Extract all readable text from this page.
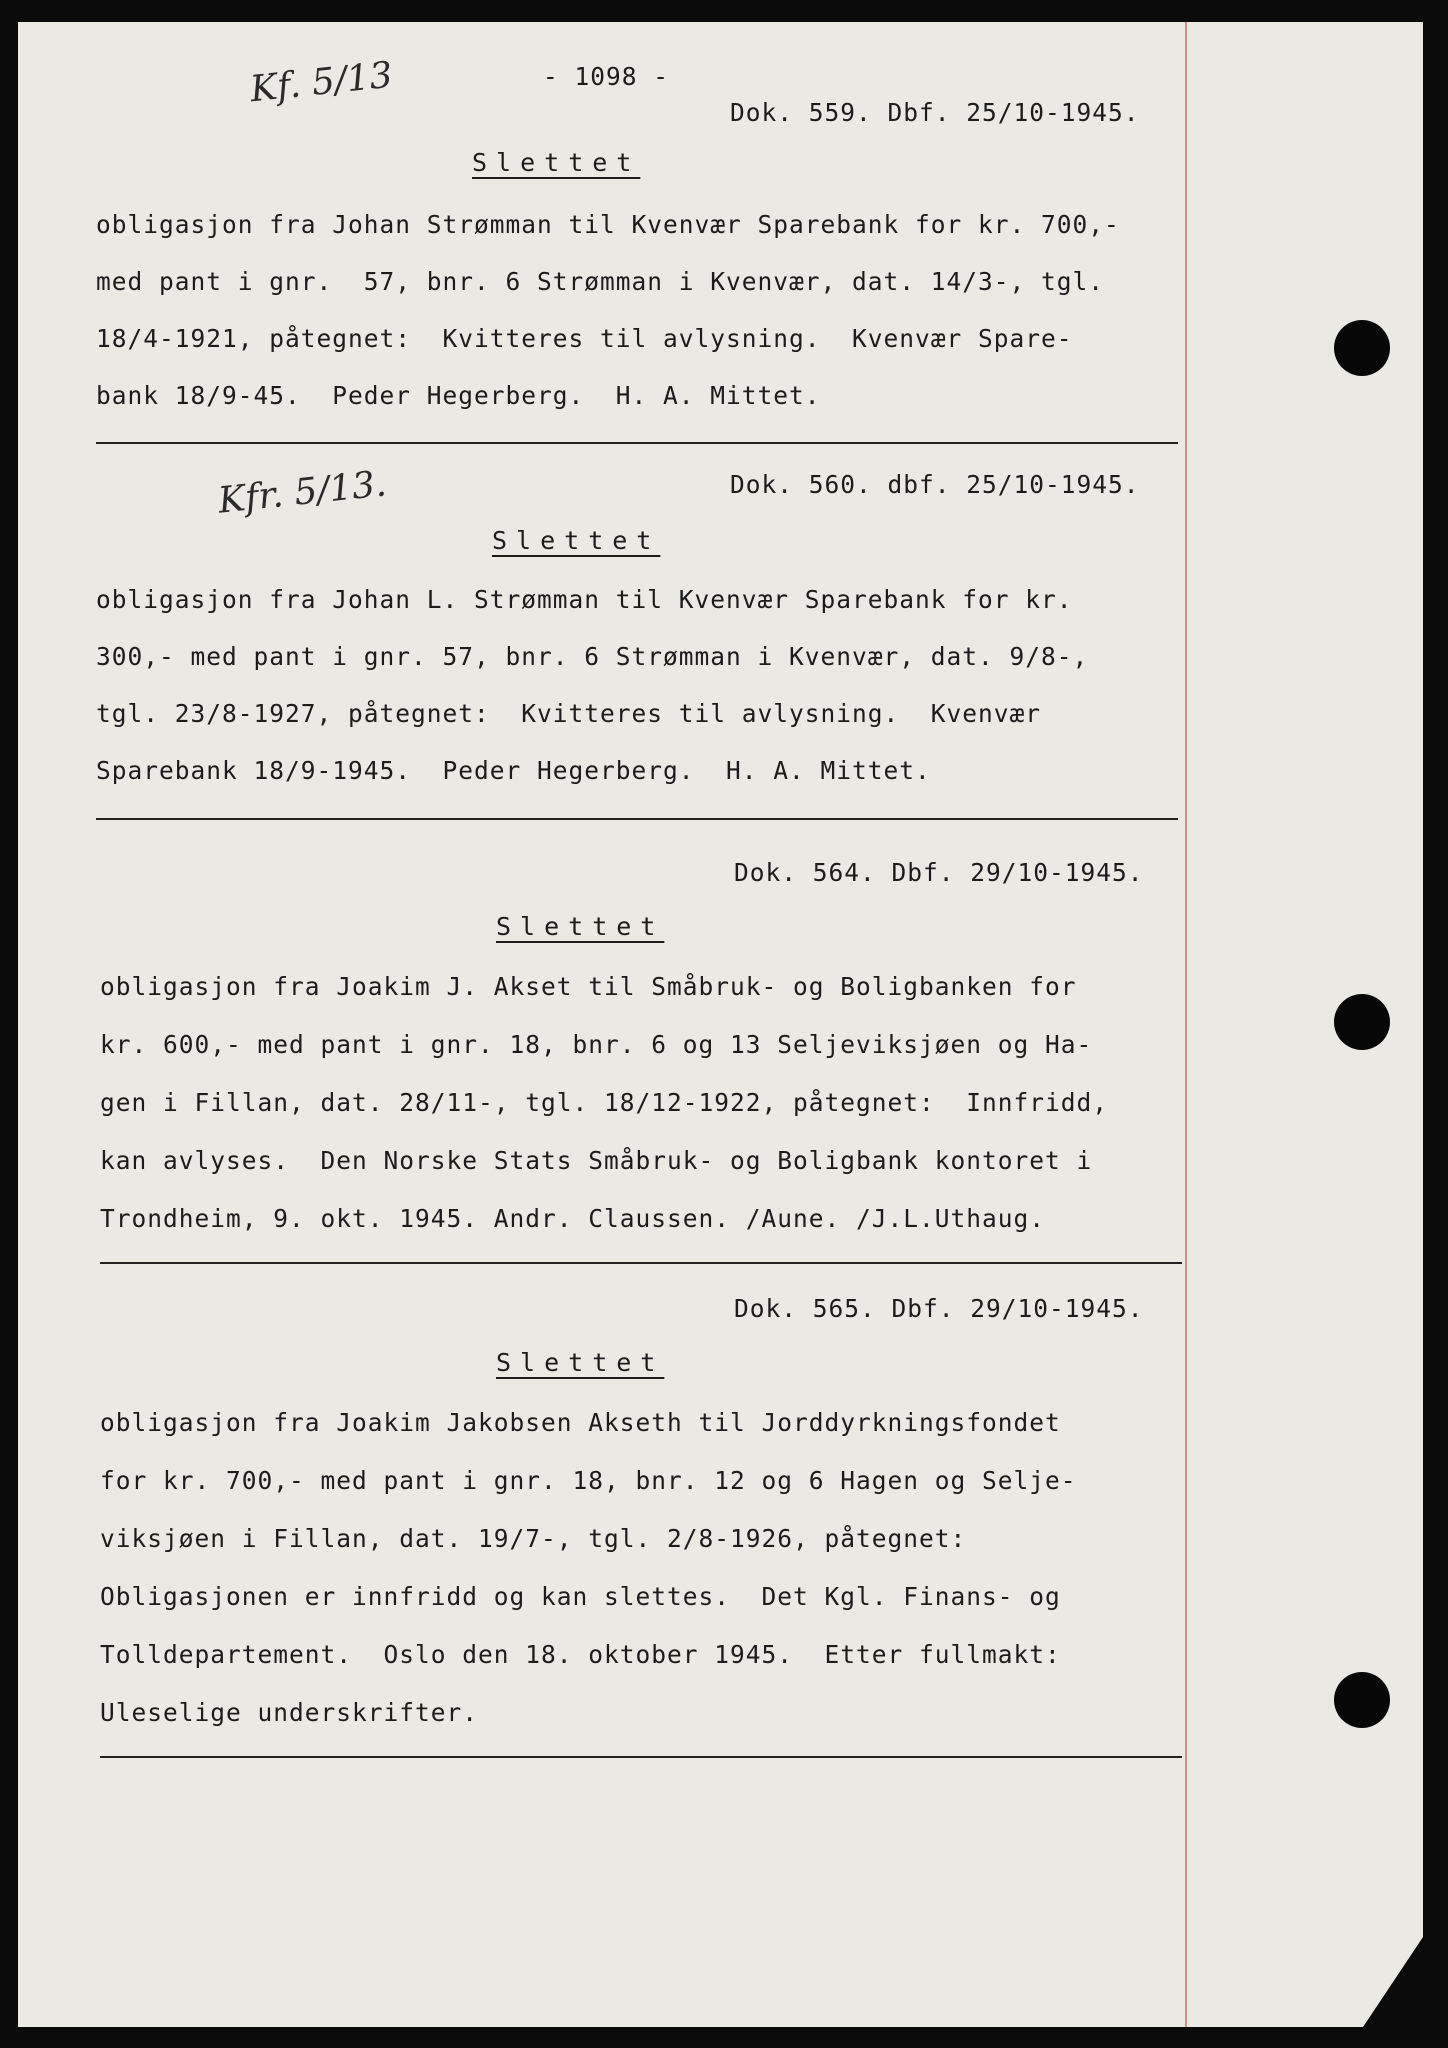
- 1098 -

Kf. 5/13

Dok. 559. Dbf. 25/10-1945.

Slettet

obligasjon fra Johan Strømman til Kvenvær Sparebank for kr. 700,-

med pant i gnr.  57, bnr. 6 Strømman i Kvenvær, dat. 14/3-, tgl.

18/4-1921, påtegnet:  Kvitteres til avlysning.  Kvenvær Spare-

bank 18/9-45.  Peder Hegerberg.  H. A. Mittet.

Kfr. 5/13.	Dok. 560. dbf. 25/10-1945.

Slettet

obligasjon fra Johan L. Strømman til Kvenvær Sparebank for kr.

300,- med pant i gnr. 57, bnr. 6 Strømman i Kvenvær, dat. 9/8-,

tgl. 23/8-1927, påtegnet:  Kvitteres til avlysning.  Kvenvær

Sparebank 18/9-1945.  Peder Hegerberg.  H. A. Mittet.

Dok. 564. Dbf. 29/10-1945.

Slettet

obligasjon fra Joakim J. Akset til Småbruk- og Boligbanken for

kr. 600,- med pant i gnr. 18, bnr. 6 og 13 Seljeviksjøen og Ha-

gen i Fillan, dat. 28/11-, tgl. 18/12-1922, påtegnet:  Innfridd,

kan avlyses.  Den Norske Stats Småbruk- og Boligbank kontoret i

Trondheim, 9. okt. 1945. Andr. Claussen. /Aune. /J.L.Uthaug.

Dok. 565. Dbf. 29/10-1945.

Slettet

obligasjon fra Joakim Jakobsen Akseth til Jorddyrkningsfondet

for kr. 700,- med pant i gnr. 18, bnr. 12 og 6 Hagen og Selje-

viksjøen i Fillan, dat. 19/7-, tgl. 2/8-1926, påtegnet:

Obligasjonen er innfridd og kan slettes.  Det Kgl. Finans- og

Tolldepartement.  Oslo den 18. oktober 1945.  Etter fullmakt:

Uleselige underskrifter.
